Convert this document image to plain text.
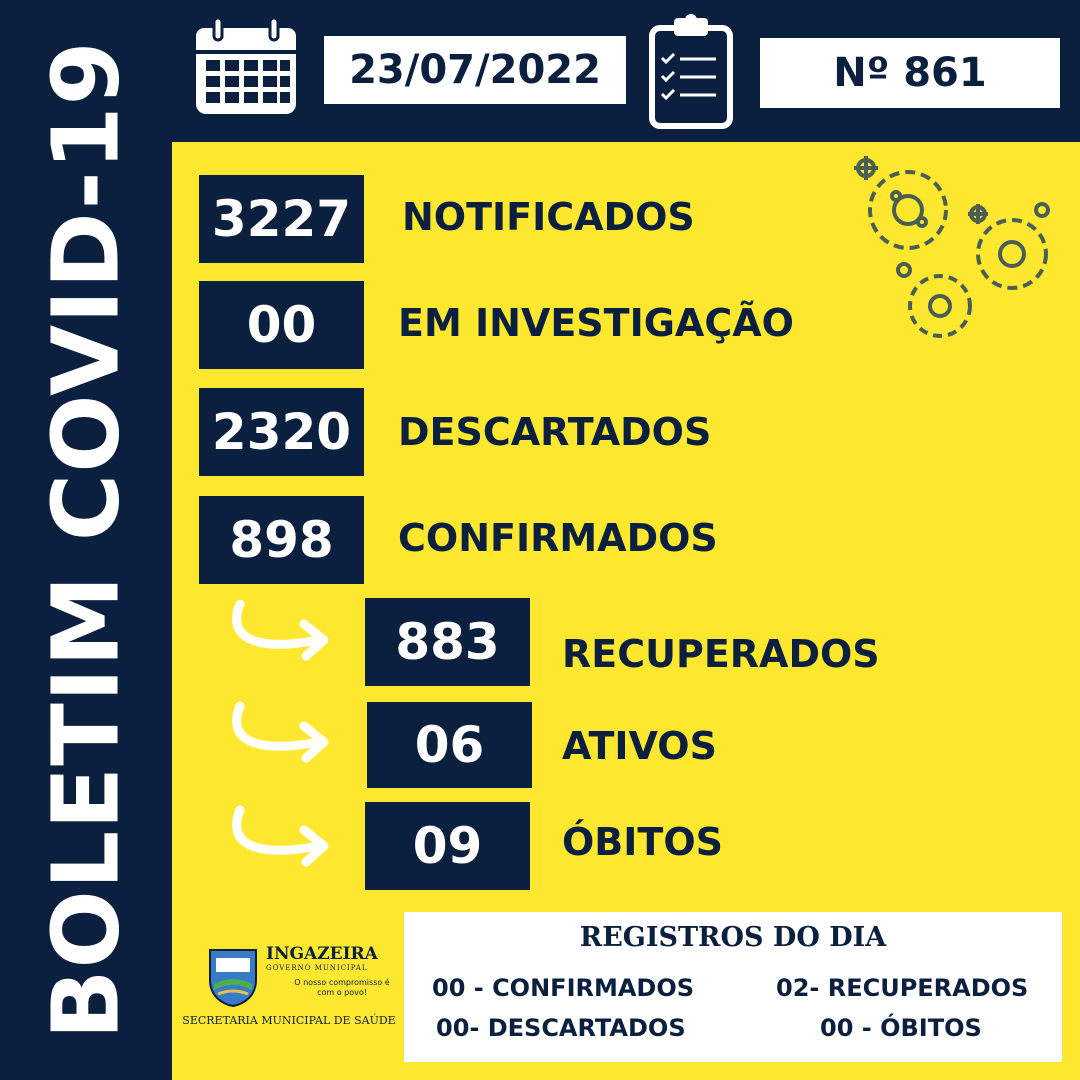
BOLETIM COVID-19	23/07/2022	Nº 861
3227	NOTIFICADOS
00	EM INVESTIGAÇÃO
2320	DESCARTADOS
898	CONFIRMADOS
883	RECUPERADOS
06	ATIVOS
09	ÓBITOS
INGAZEIRA
GOVERNO MUNICIPAL
O nosso compromisso é com o povo!
SECRETARIA MUNICIPAL DE SAÚDE
REGISTROS DO DIA
00 - CONFIRMADOS	02- RECUPERADOS
00- DESCARTADOS	00 - ÓBITOS
